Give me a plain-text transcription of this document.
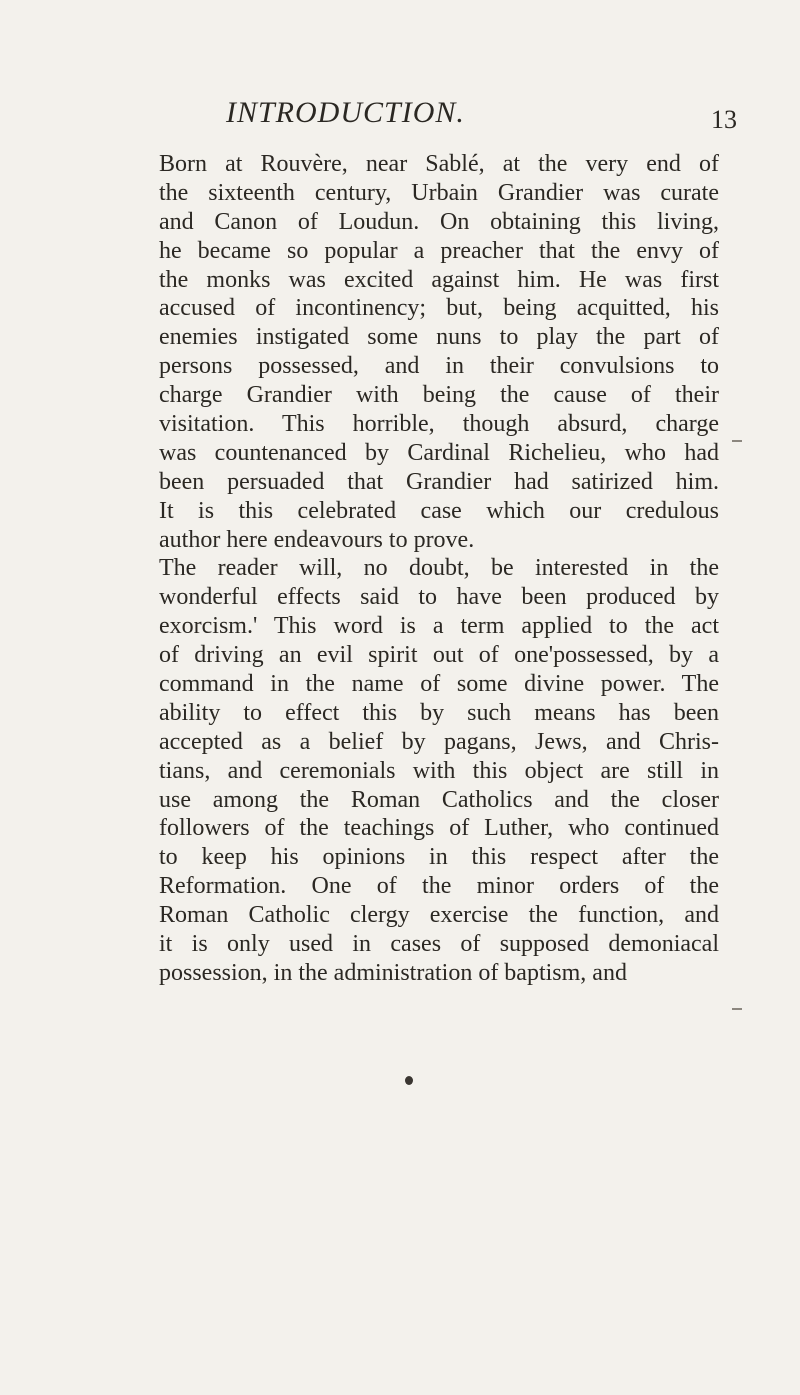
INTRODUCTION.	13
Born at Rouvère, near Sablé, at the very end of
the sixteenth century, Urbain Grandier was curate
and Canon of Loudun. On obtaining this living,
he became so popular a preacher that the envy of
the monks was excited against him. He was first
accused of incontinency; but, being acquitted, his
enemies instigated some nuns to play the part of
persons possessed, and in their convulsions to
charge Grandier with being the cause of their
visitation. This horrible, though absurd, charge
was countenanced by Cardinal Richelieu, who had
been persuaded that Grandier had satirized him.
It is this celebrated case which our credulous
author here endeavours to prove.
The reader will, no doubt, be interested in the
wonderful effects said to have been produced by
exorcism.' This word is a term applied to the act
of driving an evil spirit out of one'possessed, by a
command in the name of some divine power. The
ability to effect this by such means has been
accepted as a belief by pagans, Jews, and Chris-
tians, and ceremonials with this object are still in
use among the Roman Catholics and the closer
followers of the teachings of Luther, who continued
to keep his opinions in this respect after the
Reformation. One of the minor orders of the
Roman Catholic clergy exercise the function, and
it is only used in cases of supposed demoniacal
possession, in the administration of baptism, and
